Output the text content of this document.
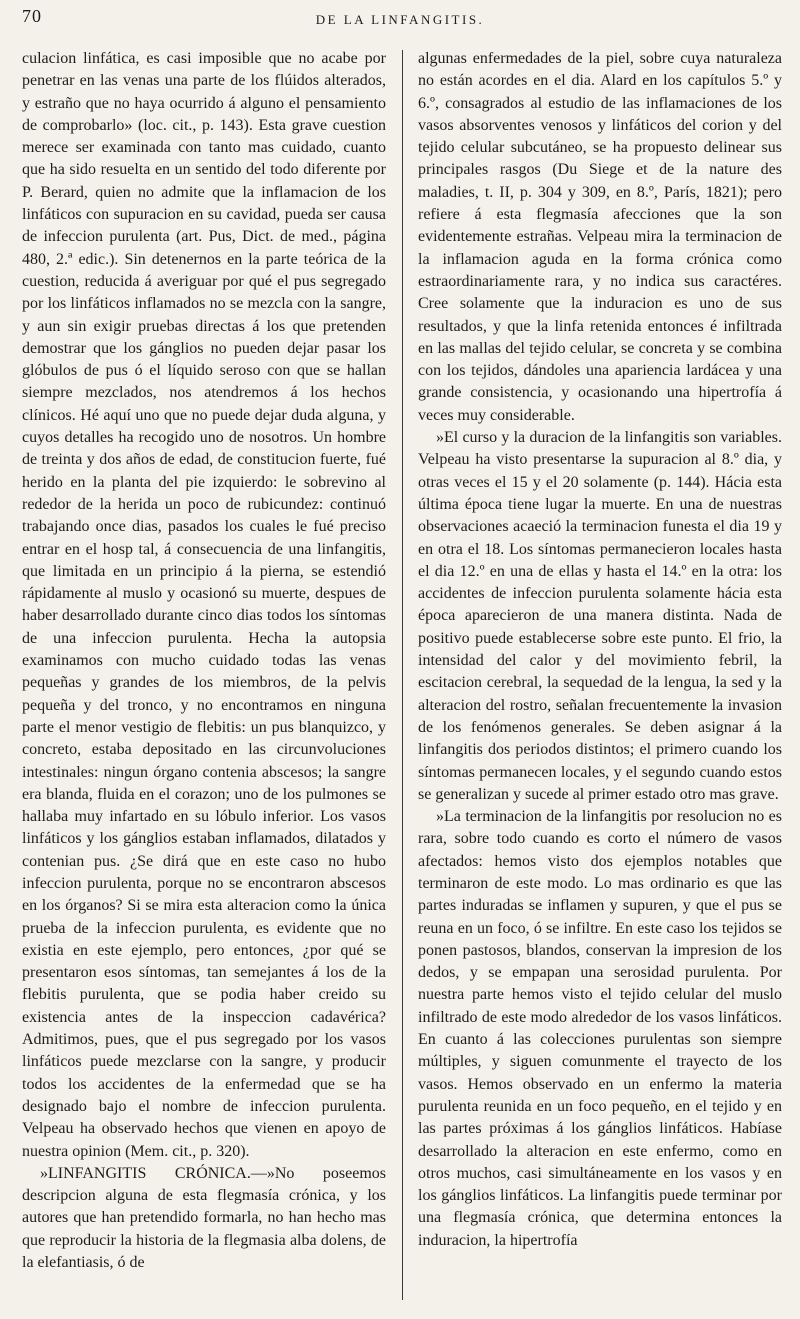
70	DE LA LINFANGITIS.

culacion linfática, es casi imposible que no acabe por penetrar en las venas una parte de los flúidos alterados, y estraño que no haya ocurrido á alguno el pensamiento de comprobarlo» (loc. cit., p. 143). Esta grave cuestion merece ser examinada con tanto mas cuidado, cuanto que ha sido resuelta en un sentido del todo diferente por P. Berard, quien no admite que la inflamacion de los linfáticos con supuracion en su cavidad, pueda ser causa de infeccion purulenta (art. Pus, Dict. de med., página 480, 2.ª edic.). Sin detenernos en la parte teórica de la cuestion, reducida á averiguar por qué el pus segregado por los linfáticos inflamados no se mezcla con la sangre, y aun sin exigir pruebas directas á los que pretenden demostrar que los gánglios no pueden dejar pasar los glóbulos de pus ó el líquido seroso con que se hallan siempre mezclados, nos atendremos á los hechos clínicos. Hé aquí uno que no puede dejar duda alguna, y cuyos detalles ha recogido uno de nosotros. Un hombre de treinta y dos años de edad, de constitucion fuerte, fué herido en la planta del pie izquierdo: le sobrevino al rededor de la herida un poco de rubicundez: continuó trabajando once dias, pasados los cuales le fué preciso entrar en el hosp tal, á consecuencia de una linfangitis, que limitada en un principio á la pierna, se estendió rápidamente al muslo y ocasionó su muerte, despues de haber desarrollado durante cinco dias todos los síntomas de una infeccion purulenta. Hecha la autopsia examinamos con mucho cuidado todas las venas pequeñas y grandes de los miembros, de la pelvis pequeña y del tronco, y no encontramos en ninguna parte el menor vestigio de flebitis: un pus blanquizco, y concreto, estaba depositado en las circunvoluciones intestinales: ningun órgano contenia abscesos; la sangre era blanda, fluida en el corazon; uno de los pulmones se hallaba muy infartado en su lóbulo inferior. Los vasos linfáticos y los gánglios estaban inflamados, dilatados y contenian pus. ¿Se dirá que en este caso no hubo infeccion purulenta, porque no se encontraron abscesos en los órganos? Si se mira esta alteracion como la única prueba de la infeccion purulenta, es evidente que no existia en este ejemplo, pero entonces, ¿por qué se presentaron esos síntomas, tan semejantes á los de la flebitis purulenta, que se podia haber creido su existencia antes de la inspeccion cadavérica? Admitimos, pues, que el pus segregado por los vasos linfáticos puede mezclarse con la sangre, y producir todos los accidentes de la enfermedad que se ha designado bajo el nombre de infeccion purulenta. Velpeau ha observado hechos que vienen en apoyo de nuestra opinion (Mem. cit., p. 320).

»LINFANGITIS CRÓNICA.—»No poseemos descripcion alguna de esta flegmasía crónica, y los autores que han pretendido formarla, no han hecho mas que reproducir la historia de la flegmasia alba dolens, de la elefantiasis, ó de

algunas enfermedades de la piel, sobre cuya naturaleza no están acordes en el dia. Alard en los capítulos 5.º y 6.º, consagrados al estudio de las inflamaciones de los vasos absorventes venosos y linfáticos del corion y del tejido celular subcutáneo, se ha propuesto delinear sus principales rasgos (Du Siege et de la nature des maladies, t. II, p. 304 y 309, en 8.º, París, 1821); pero refiere á esta flegmasía afecciones que la son evidentemente estrañas. Velpeau mira la terminacion de la inflamacion aguda en la forma crónica como estraordinariamente rara, y no indica sus caractéres. Cree solamente que la induracion es uno de sus resultados, y que la linfa retenida entonces é infiltrada en las mallas del tejido celular, se concreta y se combina con los tejidos, dándoles una apariencia lardácea y una grande consistencia, y ocasionando una hipertrofía á veces muy considerable.

»El curso y la duracion de la linfangitis son variables. Velpeau ha visto presentarse la supuracion al 8.º dia, y otras veces el 15 y el 20 solamente (p. 144). Hácia esta última época tiene lugar la muerte. En una de nuestras observaciones acaeció la terminacion funesta el dia 19 y en otra el 18. Los síntomas permanecieron locales hasta el dia 12.º en una de ellas y hasta el 14.º en la otra: los accidentes de infeccion purulenta solamente hácia esta época aparecieron de una manera distinta. Nada de positivo puede establecerse sobre este punto. El frio, la intensidad del calor y del movimiento febril, la escitacion cerebral, la sequedad de la lengua, la sed y la alteracion del rostro, señalan frecuentemente la invasion de los fenómenos generales. Se deben asignar á la linfangitis dos periodos distintos; el primero cuando los síntomas permanecen locales, y el segundo cuando estos se generalizan y sucede al primer estado otro mas grave.

»La terminacion de la linfangitis por resolucion no es rara, sobre todo cuando es corto el número de vasos afectados: hemos visto dos ejemplos notables que terminaron de este modo. Lo mas ordinario es que las partes induradas se inflamen y supuren, y que el pus se reuna en un foco, ó se infiltre. En este caso los tejidos se ponen pastosos, blandos, conservan la impresion de los dedos, y se empapan una serosidad purulenta. Por nuestra parte hemos visto el tejido celular del muslo infiltrado de este modo alrededor de los vasos linfáticos. En cuanto á las colecciones purulentas son siempre múltiples, y siguen comunmente el trayecto de los vasos. Hemos observado en un enfermo la materia purulenta reunida en un foco pequeño, en el tejido y en las partes próximas á los gánglios linfáticos. Habíase desarrollado la alteracion en este enfermo, como en otros muchos, casi simultáneamente en los vasos y en los gánglios linfáticos. La linfangitis puede terminar por una flegmasía crónica, que determina entonces la induracion, la hipertrofía
